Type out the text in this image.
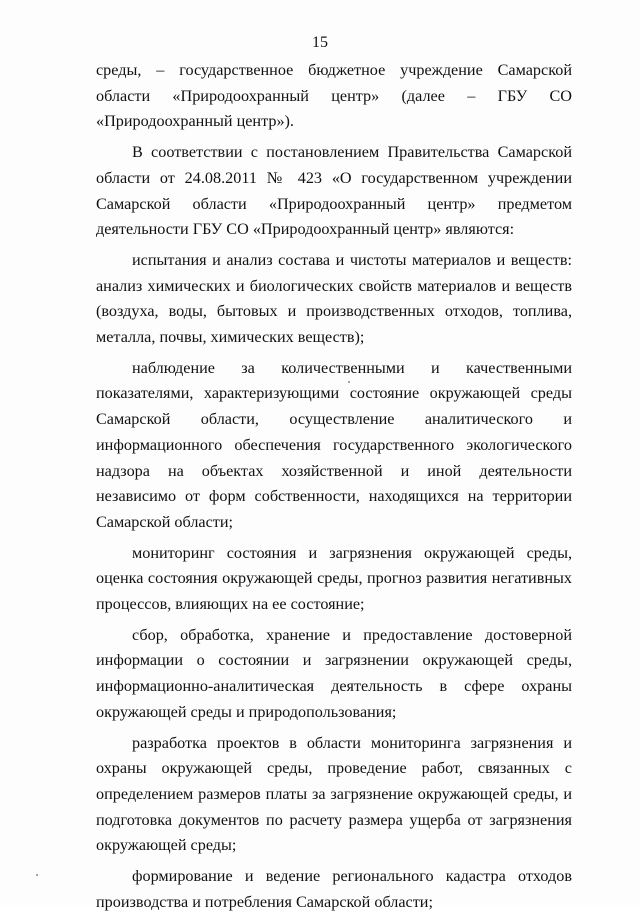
15

среды, – государственное бюджетное учреждение Самарской области «Природоохранный центр» (далее – ГБУ СО «Природоохранный центр»).

В соответствии с постановлением Правительства Самарской области от 24.08.2011 № 423 «О государственном учреждении Самарской области «Природоохранный центр» предметом деятельности ГБУ СО «Природоохранный центр» являются:

испытания и анализ состава и чистоты материалов и веществ: анализ химических и биологических свойств материалов и веществ (воздуха, воды, бытовых и производственных отходов, топлива, металла, почвы, химических веществ);

наблюдение за количественными и качественными показателями, характеризующими состояние окружающей среды Самарской области, осуществление аналитического и информационного обеспечения государственного экологического надзора на объектах хозяйственной и иной деятельности независимо от форм собственности, находящихся на территории Самарской области;

мониторинг состояния и загрязнения окружающей среды, оценка состояния окружающей среды, прогноз развития негативных процессов, влияющих на ее состояние;

сбор, обработка, хранение и предоставление достоверной информации о состоянии и загрязнении окружающей среды, информационно-аналитическая деятельность в сфере охраны окружающей среды и природопользования;

разработка проектов в области мониторинга загрязнения и охраны окружающей среды, проведение работ, связанных с определением размеров платы за загрязнение окружающей среды, и подготовка документов по расчету размера ущерба от загрязнения окружающей среды;

формирование и ведение регионального кадастра отходов производства и потребления Самарской области;
